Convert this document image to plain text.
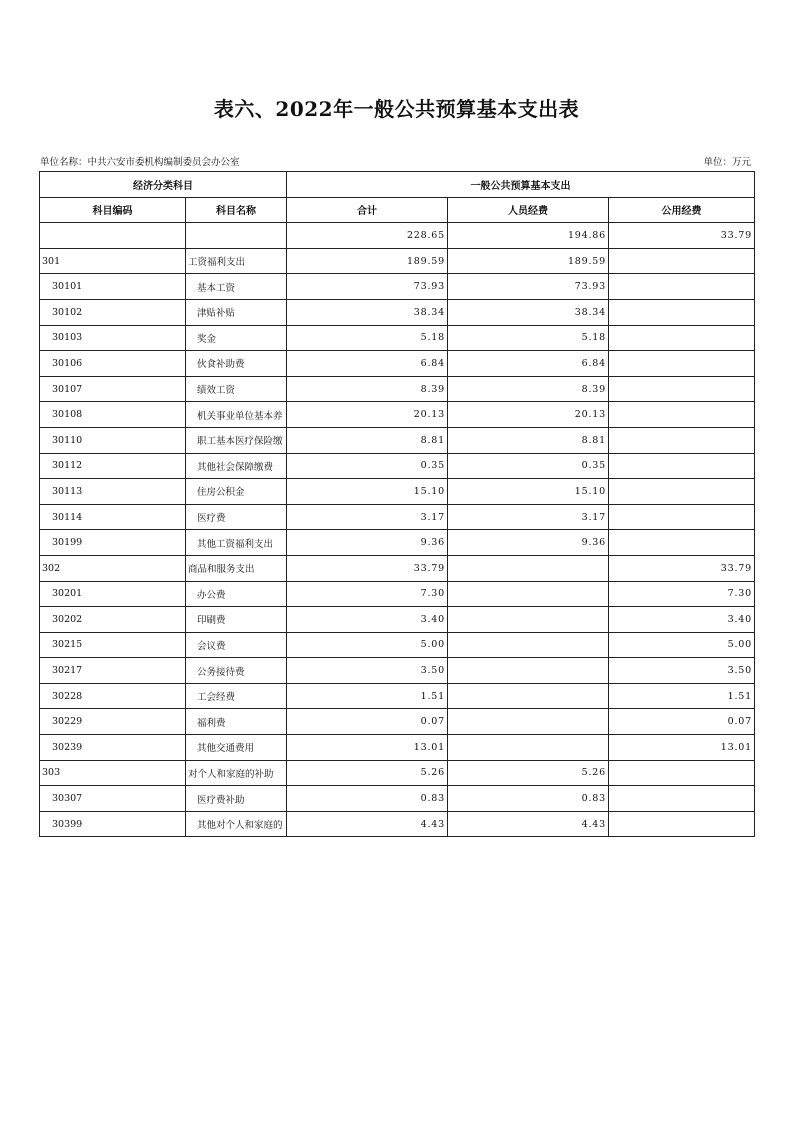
表六、2022年一般公共预算基本支出表
单位名称：中共六安市委机构编制委员会办公室	单位：万元
经济分类科目		一般公共预算基本支出		
科目编码	科目名称	合计	人员经费	公用经费
		228.65	194.86	33.79
301	工资福利支出	189.59	189.59	
30101	基本工资	73.93	73.93	
30102	津贴补贴	38.34	38.34	
30103	奖金	5.18	5.18	
30106	伙食补助费	6.84	6.84	
30107	绩效工资	8.39	8.39	
30108	机关事业单位基本养	20.13	20.13	
30110	职工基本医疗保险缴	8.81	8.81	
30112	其他社会保障缴费	0.35	0.35	
30113	住房公积金	15.10	15.10	
30114	医疗费	3.17	3.17	
30199	其他工资福利支出	9.36	9.36	
302	商品和服务支出	33.79		33.79
30201	办公费	7.30		7.30
30202	印刷费	3.40		3.40
30215	会议费	5.00		5.00
30217	公务接待费	3.50		3.50
30228	工会经费	1.51		1.51
30229	福利费	0.07		0.07
30239	其他交通费用	13.01		13.01
303	对个人和家庭的补助	5.26	5.26	
30307	医疗费补助	0.83	0.83	
30399	其他对个人和家庭的	4.43	4.43	
